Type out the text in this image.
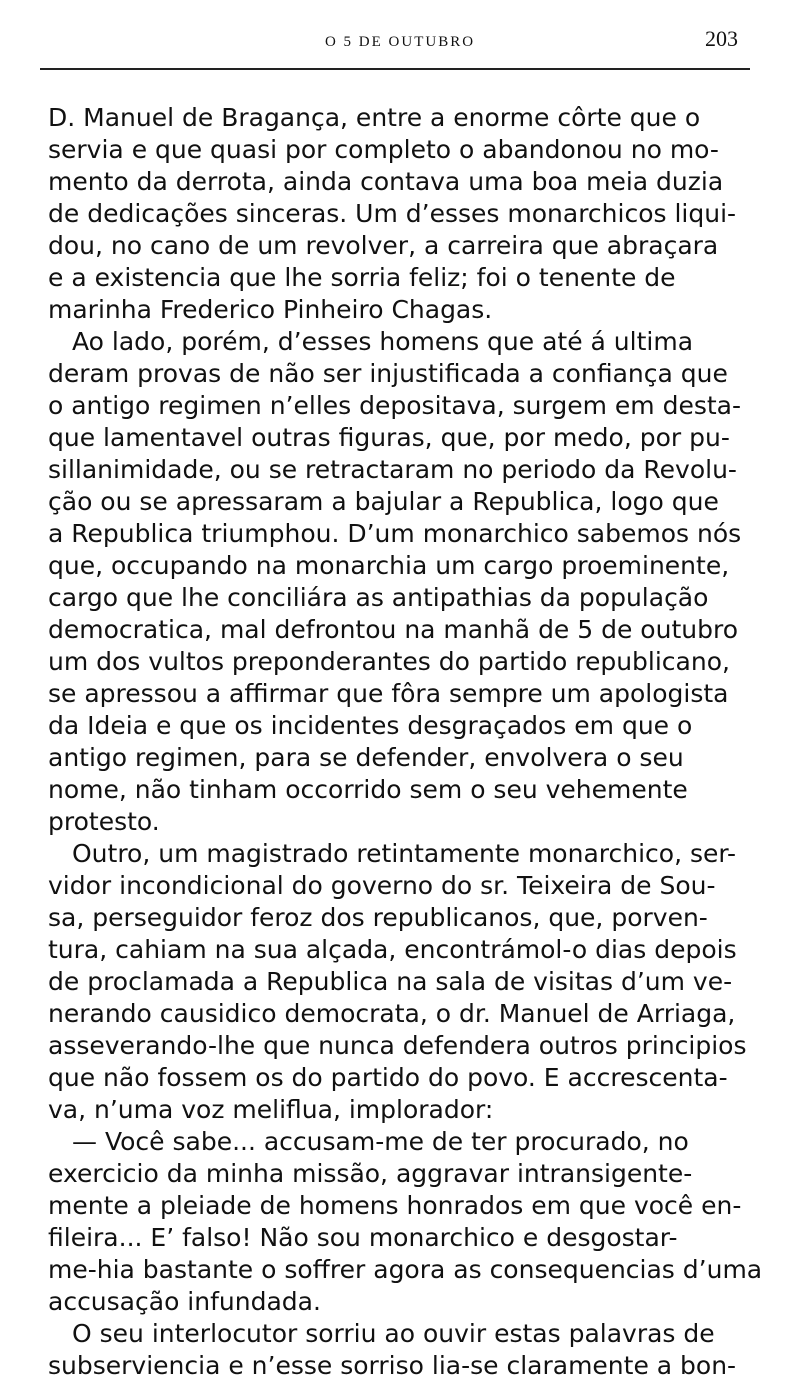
O 5 DE OUTUBRO	203
D. Manuel de Bragança, entre a enorme côrte que o
servia e que quasi por completo o abandonou no mo-
mento da derrota, ainda contava uma boa meia duzia
de dedicações sinceras. Um d’esses monarchicos liqui-
dou, no cano de um revolver, a carreira que abraçara
e a existencia que lhe sorria feliz; foi o tenente de
marinha Frederico Pinheiro Chagas.
Ao lado, porém, d’esses homens que até á ultima
deram provas de não ser injustificada a confiança que
o antigo regimen n’elles depositava, surgem em desta-
que lamentavel outras figuras, que, por medo, por pu-
sillanimidade, ou se retractaram no periodo da Revolu-
ção ou se apressaram a bajular a Republica, logo que
a Republica triumphou. D’um monarchico sabemos nós
que, occupando na monarchia um cargo proeminente,
cargo que lhe conciliára as antipathias da população
democratica, mal defrontou na manhã de 5 de outubro
um dos vultos preponderantes do partido republicano,
se apressou a affirmar que fôra sempre um apologista
da Ideia e que os incidentes desgraçados em que o
antigo regimen, para se defender, envolvera o seu
nome, não tinham occorrido sem o seu vehemente
protesto.
Outro, um magistrado retintamente monarchico, ser-
vidor incondicional do governo do sr. Teixeira de Sou-
sa, perseguidor feroz dos republicanos, que, porven-
tura, cahiam na sua alçada, encontrámol-o dias depois
de proclamada a Republica na sala de visitas d’um ve-
nerando causidico democrata, o dr. Manuel de Arriaga,
asseverando-lhe que nunca defendera outros principios
que não fossem os do partido do povo. E accrescenta-
va, n’uma voz meliflua, implorador:
— Você sabe... accusam-me de ter procurado, no
exercicio da minha missão, aggravar intransigente-
mente a pleiade de homens honrados em que você en-
fileira... E’ falso! Não sou monarchico e desgostar-
me-hia bastante o soffrer agora as consequencias d’uma
accusação infundada.
O seu interlocutor sorriu ao ouvir estas palavras de
subserviencia e n’esse sorriso lia-se claramente a bon-
